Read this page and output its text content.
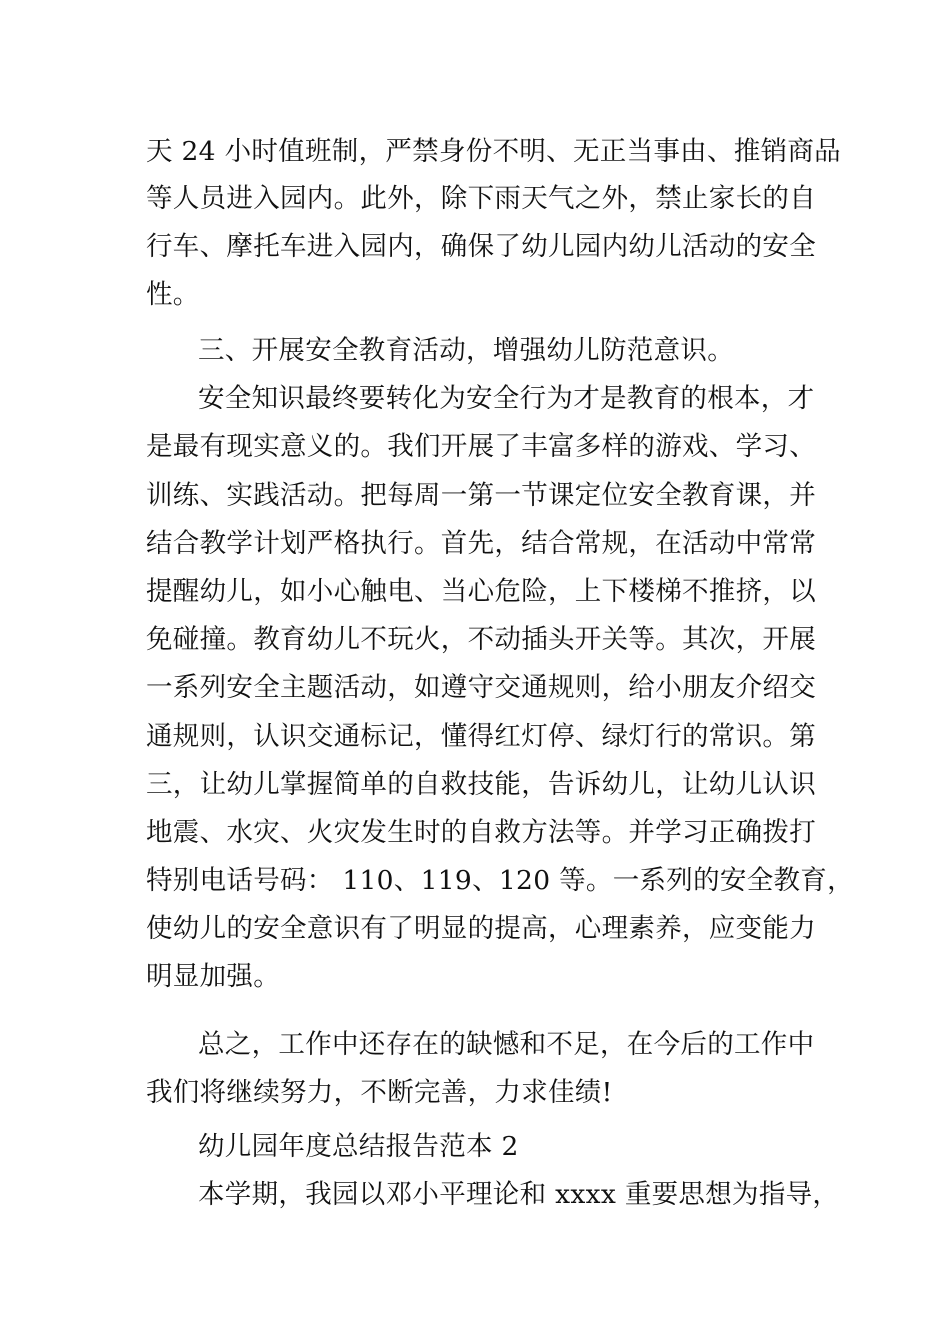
天 24 小时值班制，严禁身份不明、无正当事由、推销商品
等人员进入园内。此外，除下雨天气之外，禁止家长的自
行车、摩托车进入园内，确保了幼儿园内幼儿活动的安全
性。
三、开展安全教育活动，增强幼儿防范意识。
安全知识最终要转化为安全行为才是教育的根本，才
是最有现实意义的。我们开展了丰富多样的游戏、学习、
训练、实践活动。把每周一第一节课定位安全教育课，并
结合教学计划严格执行。首先，结合常规，在活动中常常
提醒幼儿，如小心触电、当心危险，上下楼梯不推挤，以
免碰撞。教育幼儿不玩火，不动插头开关等。其次，开展
一系列安全主题活动，如遵守交通规则，给小朋友介绍交
通规则，认识交通标记，懂得红灯停、绿灯行的常识。第
三，让幼儿掌握简单的自救技能，告诉幼儿，让幼儿认识
地震、水灾、火灾发生时的自救方法等。并学习正确拨打
特别电话号码： 110、119、120 等。一系列的安全教育，
使幼儿的安全意识有了明显的提高，心理素养，应变能力
明显加强。
总之，工作中还存在的缺憾和不足，在今后的工作中
我们将继续努力，不断完善，力求佳绩!
幼儿园年度总结报告范本 2
本学期，我园以邓小平理论和 xxxx 重要思想为指导，
